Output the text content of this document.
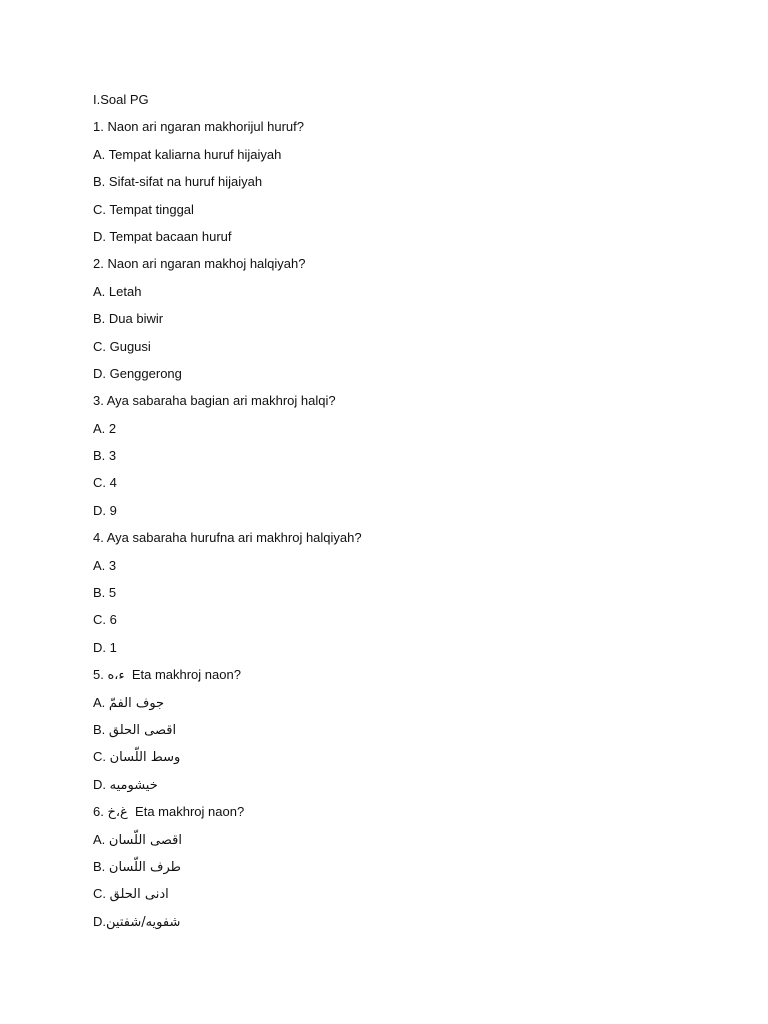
I.Soal PG
1. Naon ari ngaran makhorijul huruf?
A. Tempat kaliarna huruf hijaiyah
B. Sifat-sifat na huruf hijaiyah
C. Tempat tinggal
D. Tempat bacaan huruf
2. Naon ari ngaran makhoj halqiyah?
A. Letah
B. Dua biwir
C. Gugusi
D. Genggerong
3. Aya sabaraha bagian ari makhroj halqi?
A. 2
B. 3
C. 4
D. 9
4. Aya sabaraha hurufna ari makhroj halqiyah?
A. 3
B. 5
C. 6
D. 1
5. ء،ه  Eta makhroj naon?
A. جوف الفمّ
B. اقصى الحلق
C. وسط اللّسان
D. خيشوميه
6. غ،خ  Eta makhroj naon?
A. اقصى اللّسان
B. طرف اللّسان
C. ادنى الحلق
D.شفويه/شفتين
